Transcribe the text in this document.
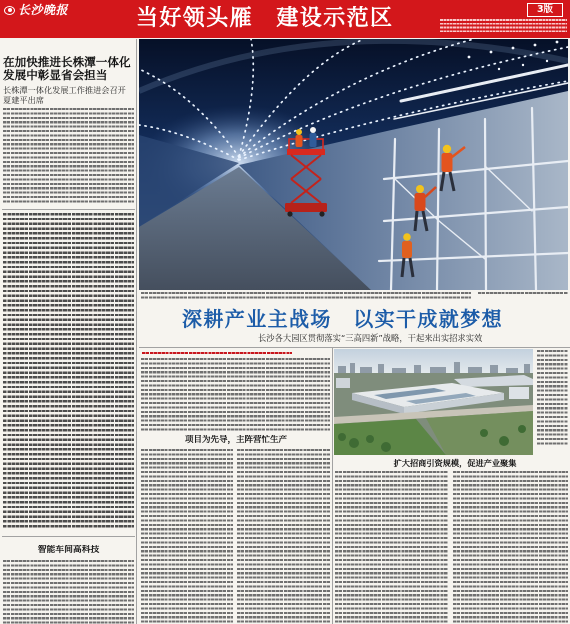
长沙晚报	当好领头雁　建设示范区	3版
在加快推进长株潭一体化
发展中彰显省会担当
长株潭一体化发展工作推进会召开
夏建平出席
智能车间高科技
深耕产业主战场　以实干成就梦想
长沙各大园区贯彻落实“三高四新”战略，干起来出实招求实效
项目为先导，主阵营忙生产
扩大招商引资规模，促进产业聚集
